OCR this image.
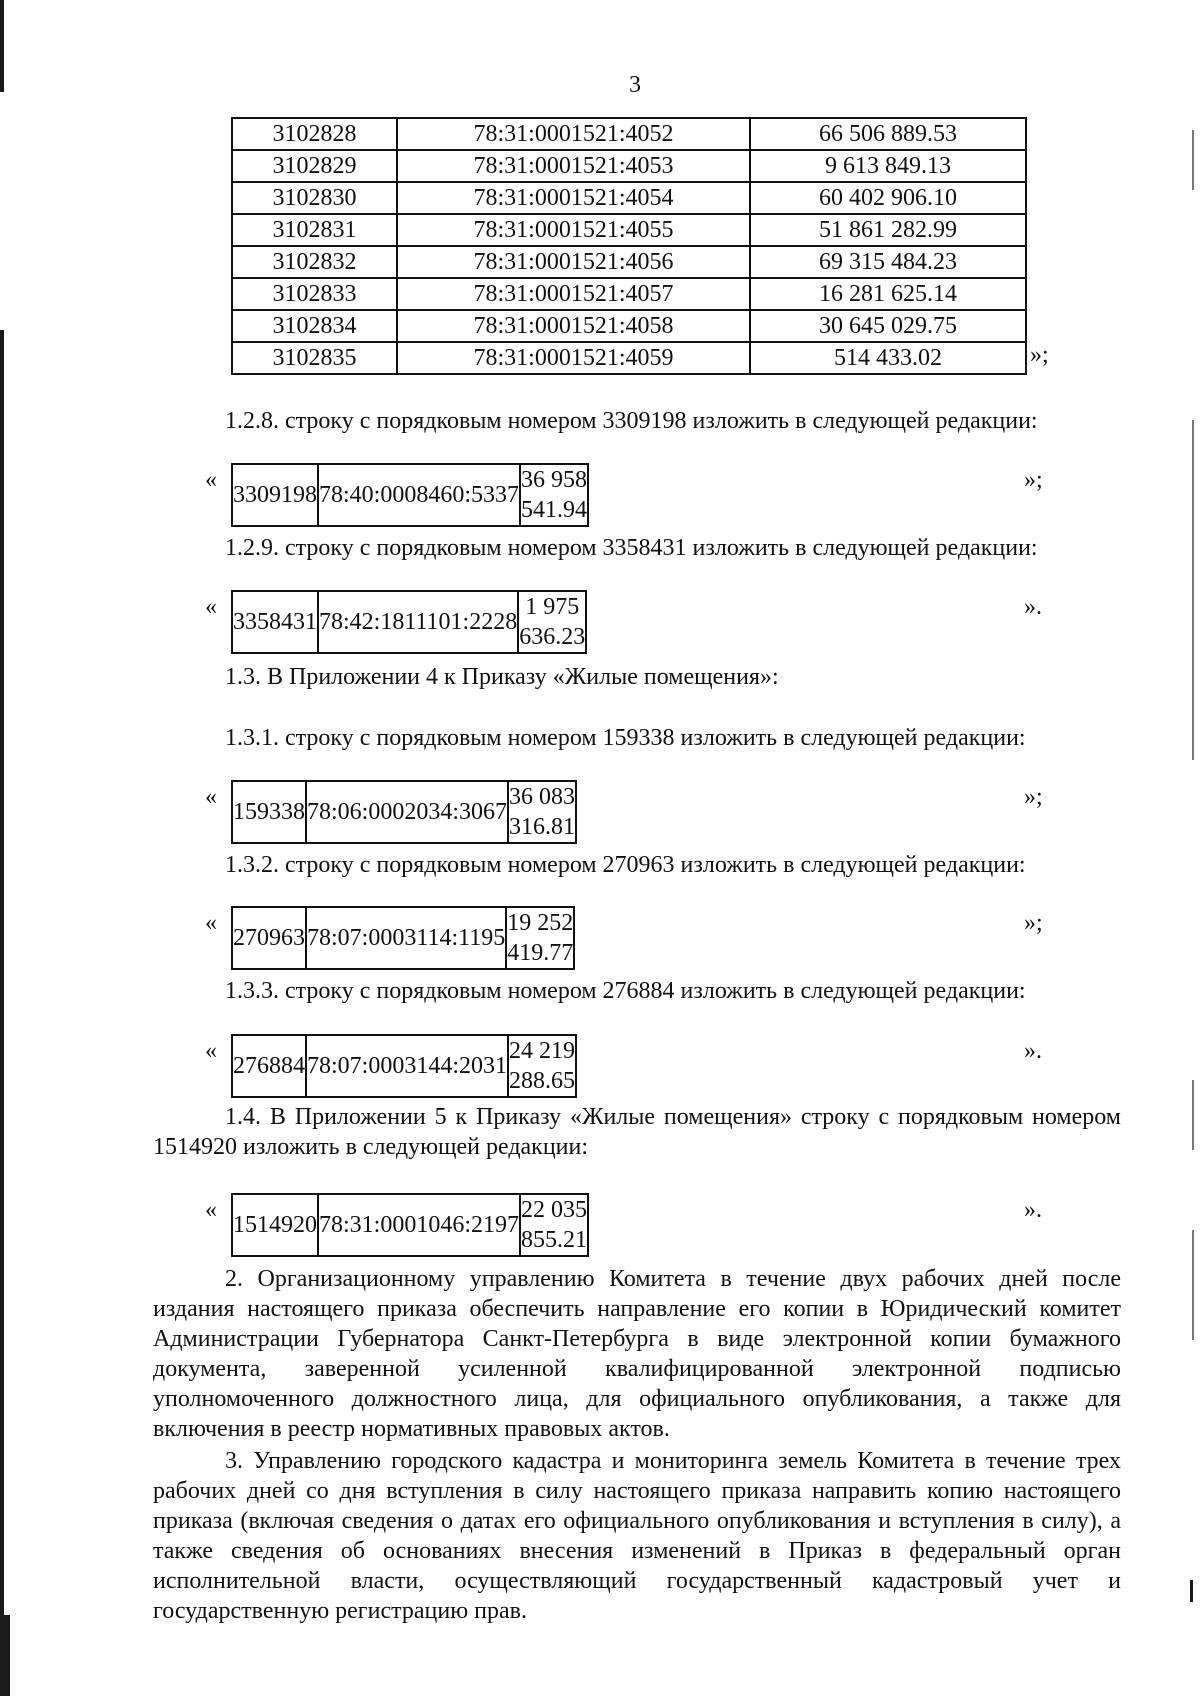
3
3102828	78:31:0001521:4052	66 506 889.53
3102829	78:31:0001521:4053	9 613 849.13
3102830	78:31:0001521:4054	60 402 906.10
3102831	78:31:0001521:4055	51 861 282.99
3102832	78:31:0001521:4056	69 315 484.23
3102833	78:31:0001521:4057	16 281 625.14
3102834	78:31:0001521:4058	30 645 029.75
3102835	78:31:0001521:4059	514 433.02	»;
1.2.8. строку с порядковым номером 3309198 изложить в следующей редакции:
«
3309198	78:40:0008460:5337	36 958 541.94
»;
1.2.9. строку с порядковым номером 3358431 изложить в следующей редакции:
«
3358431	78:42:1811101:2228	1 975 636.23
».
1.3. В Приложении 4 к Приказу «Жилые помещения»:
1.3.1. строку с порядковым номером 159338 изложить в следующей редакции:
«
159338	78:06:0002034:3067	36 083 316.81
»;
1.3.2. строку с порядковым номером 270963 изложить в следующей редакции:
«
270963	78:07:0003114:1195	19 252 419.77
»;
1.3.3. строку с порядковым номером 276884 изложить в следующей редакции:
«
276884	78:07:0003144:2031	24 219 288.65
».
1.4. В Приложении 5 к Приказу «Жилые помещения» строку с порядковым номером 1514920 изложить в следующей редакции:
«
1514920	78:31:0001046:2197	22 035 855.21
».
2. Организационному управлению Комитета в течение двух рабочих дней после издания настоящего приказа обеспечить направление его копии в Юридический комитет Администрации Губернатора Санкт-Петербурга в виде электронной копии бумажного документа, заверенной усиленной квалифицированной электронной подписью уполномоченного должностного лица, для официального опубликования, а также для включения в реестр нормативных правовых актов.
3. Управлению городского кадастра и мониторинга земель Комитета в течение трех рабочих дней со дня вступления в силу настоящего приказа направить копию настоящего приказа (включая сведения о датах его официального опубликования и вступления в силу), а также сведения об основаниях внесения изменений в Приказ в федеральный орган исполнительной власти, осуществляющий государственный кадастровый учет и государственную регистрацию прав.
